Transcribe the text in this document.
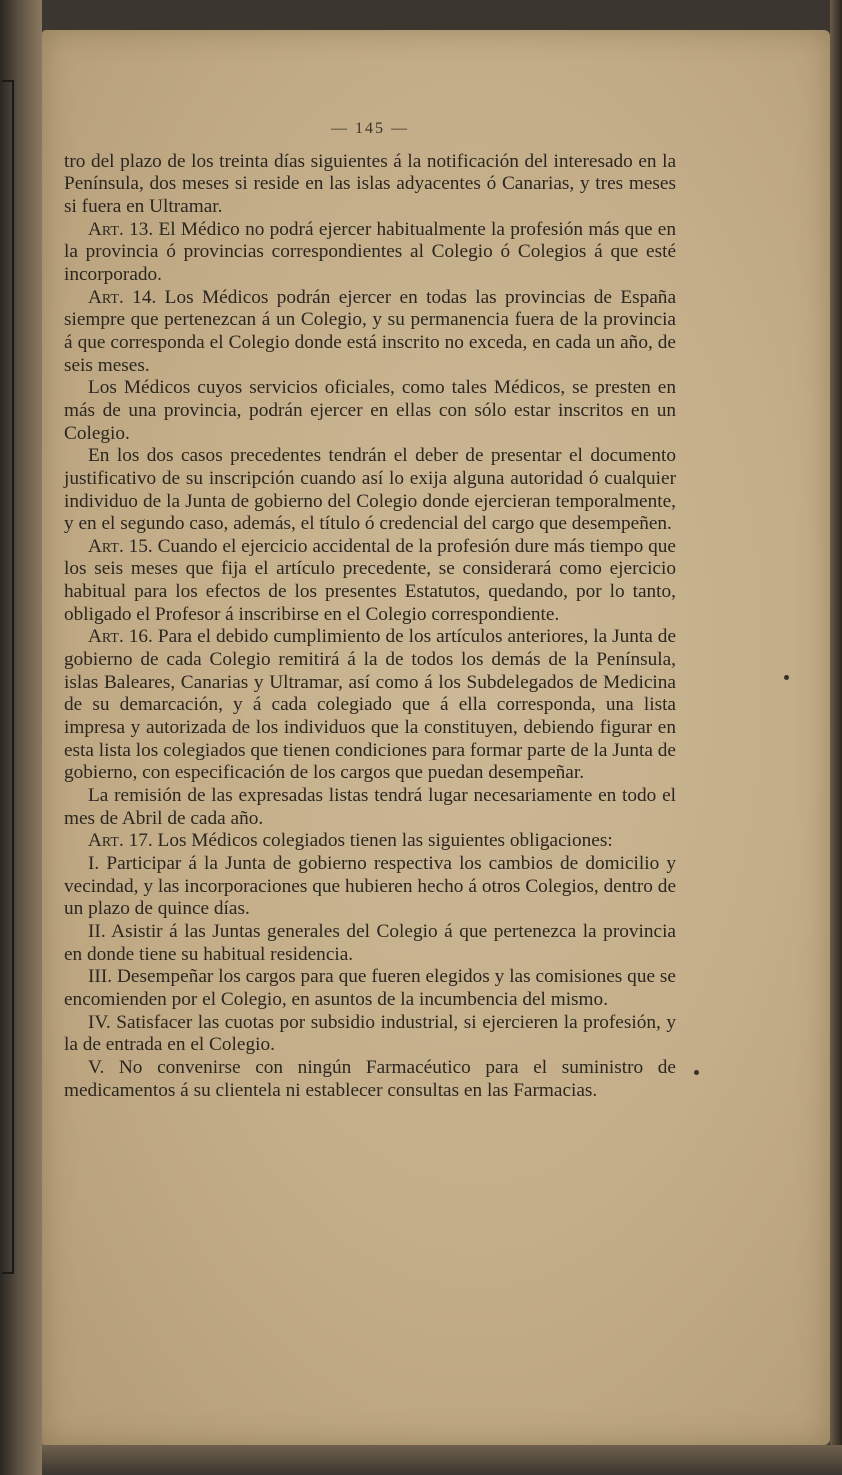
— 145 —

tro del plazo de los treinta días siguientes á la notificación del interesado en la Península, dos meses si reside en las islas adyacentes ó Canarias, y tres meses si fuera en Ultramar.

Art. 13. El Médico no podrá ejercer habitualmente la profesión más que en la provincia ó provincias correspondientes al Colegio ó Colegios á que esté incorporado.

Art. 14. Los Médicos podrán ejercer en todas las provincias de España siempre que pertenezcan á un Colegio, y su permanencia fuera de la provincia á que corresponda el Colegio donde está inscrito no exceda, en cada un año, de seis meses.

Los Médicos cuyos servicios oficiales, como tales Médicos, se presten en más de una provincia, podrán ejercer en ellas con sólo estar inscritos en un Colegio.

En los dos casos precedentes tendrán el deber de presentar el documento justificativo de su inscripción cuando así lo exija alguna autoridad ó cualquier individuo de la Junta de gobierno del Colegio donde ejercieran temporalmente, y en el segundo caso, además, el título ó credencial del cargo que desempeñen.

Art. 15. Cuando el ejercicio accidental de la profesión dure más tiempo que los seis meses que fija el artículo precedente, se considerará como ejercicio habitual para los efectos de los presentes Estatutos, quedando, por lo tanto, obligado el Profesor á inscribirse en el Colegio correspondiente.

Art. 16. Para el debido cumplimiento de los artículos anteriores, la Junta de gobierno de cada Colegio remitirá á la de todos los demás de la Península, islas Baleares, Canarias y Ultramar, así como á los Subdelegados de Medicina de su demarcación, y á cada colegiado que á ella corresponda, una lista impresa y autorizada de los individuos que la constituyen, debiendo figurar en esta lista los colegiados que tienen condiciones para formar parte de la Junta de gobierno, con especificación de los cargos que puedan desempeñar.

La remisión de las expresadas listas tendrá lugar necesariamente en todo el mes de Abril de cada año.

Art. 17. Los Médicos colegiados tienen las siguientes obligaciones:

I. Participar á la Junta de gobierno respectiva los cambios de domicilio y vecindad, y las incorporaciones que hubieren hecho á otros Colegios, dentro de un plazo de quince días.

II. Asistir á las Juntas generales del Colegio á que pertenezca la provincia en donde tiene su habitual residencia.

III. Desempeñar los cargos para que fueren elegidos y las comisiones que se encomienden por el Colegio, en asuntos de la incumbencia del mismo.

IV. Satisfacer las cuotas por subsidio industrial, si ejercieren la profesión, y la de entrada en el Colegio.

V. No convenirse con ningún Farmacéutico para el suministro de medicamentos á su clientela ni establecer consultas en las Farmacias.
